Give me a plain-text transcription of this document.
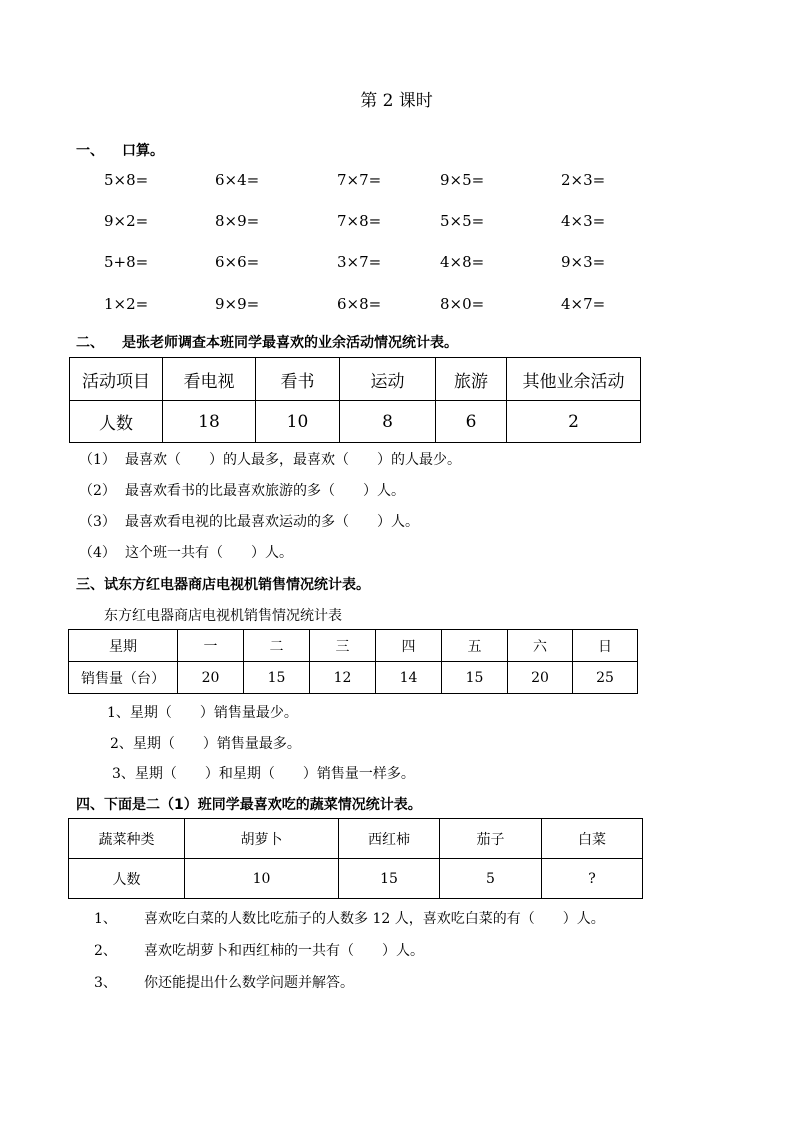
第 2 课时
一、 口算。
5×8=	6×4=	7×7=	9×5=	2×3=
9×2=	8×9=	7×8=	5×5=	4×3=
5+8=	6×6=	3×7=	4×8=	9×3=
1×2=	9×9=	6×8=	8×0=	4×7=
二、 是张老师调查本班同学最喜欢的业余活动情况统计表。
活动项目	看电视	看书	运动	旅游	其他业余活动
人数	18	10	8	6	2
（1） 最喜欢（　　）的人最多，最喜欢（　　）的人最少。
（2） 最喜欢看书的比最喜欢旅游的多（　　）人。
（3） 最喜欢看电视的比最喜欢运动的多（　　）人。
（4） 这个班一共有（　　）人。
三、试东方红电器商店电视机销售情况统计表。
东方红电器商店电视机销售情况统计表
星期	一	二	三	四	五	六	日
销售量（台）	20	15	12	14	15	20	25
1、星期（　　）销售量最少。
2、星期（　　）销售量最多。
3、星期（　　）和星期（　　）销售量一样多。
四、下面是二（1）班同学最喜欢吃的蔬菜情况统计表。
蔬菜种类	胡萝卜	西红柿	茄子	白菜
人数	10	15	5	?
1、 喜欢吃白菜的人数比吃茄子的人数多 12 人，喜欢吃白菜的有（　　）人。
2、 喜欢吃胡萝卜和西红柿的一共有（　　）人。
3、 你还能提出什么数学问题并解答。
